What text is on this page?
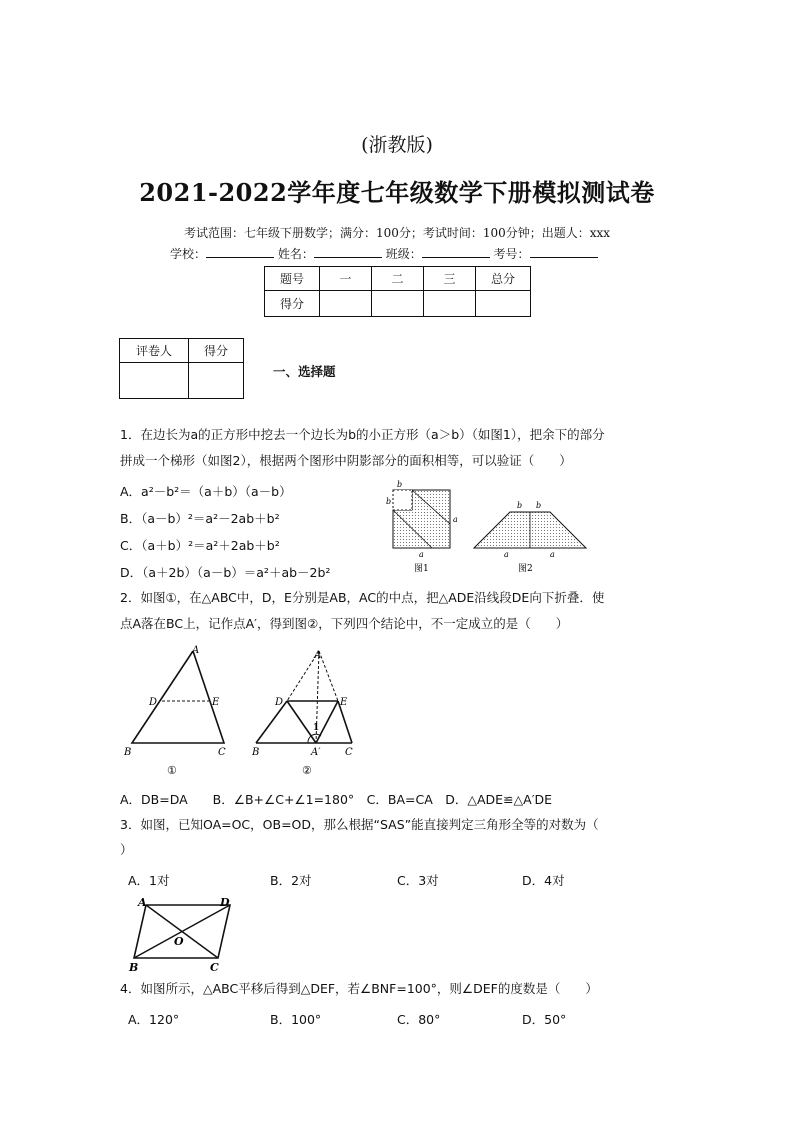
(浙教版)
2021-2022学年度七年级数学下册模拟测试卷
考试范围：七年级下册数学；满分：100分；考试时间：100分钟；出题人：xxx
学校：	姓名：	班级：	考号：
题号	一	二	三	总分
得分				
评卷人	得分

一、选择题
1．在边长为a的正方形中挖去一个边长为b的小正方形（a＞b）（如图1），把余下的部分
拼成一个梯形（如图2），根据两个图形中阴影部分的面积相等，可以验证（　　）
A．a²－b²＝（a＋b）（a－b）
B．（a－b）²＝a²－2ab＋b²
C．（a＋b）²＝a²＋2ab＋b²
D．（a＋2b）（a－b）＝a²＋ab－2b²
b
b
a
a
图1
b b
a	a
图2
2．如图①，在△ABC中，D，E分别是AB，AC的中点，把△ADE沿线段DE向下折叠．使
点A落在BC上，记作点A′，得到图②，下列四个结论中，不一定成立的是（　　）
A
D	E
B	C
①
1
A
D	E
B	A′ C
②
A．DB=DA　　B．∠B+∠C+∠1=180°　C．BA=CA　D．△ADE≌△A′DE
3．如图，已知OA=OC，OB=OD，那么根据“SAS”能直接判定三角形全等的对数为（
）
A．1对	B．2对	C．3对	D．4对
A	D
O
B	C
4．如图所示，△ABC平移后得到△DEF，若∠BNF=100°，则∠DEF的度数是（　　）
A．120°	B．100°	C．80°	D．50°
